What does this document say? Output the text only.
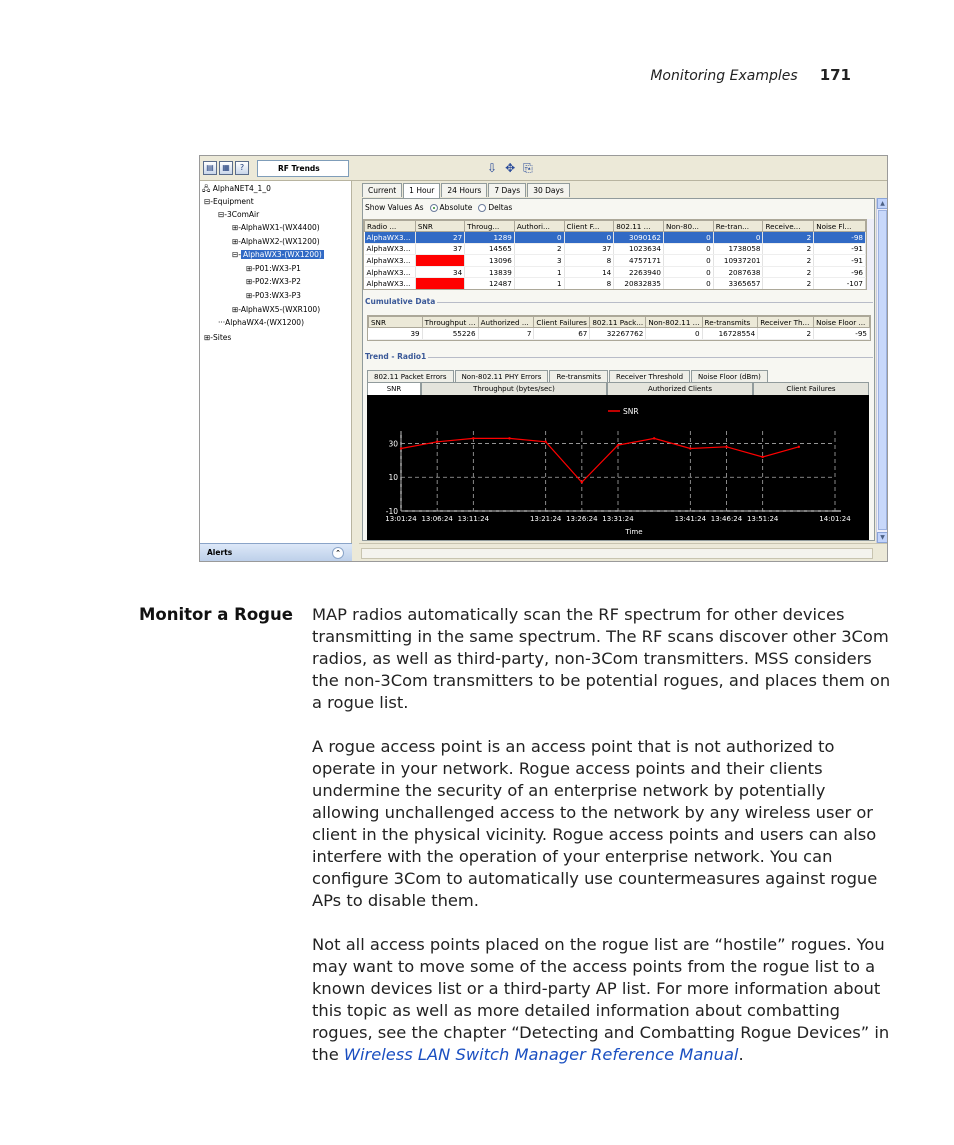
Monitoring Examples 171
▤	▦	?	RF Trends	⇩ ✥ ⎘
🖧 AlphaNET4_1_0
⊟-Equipment
⊟-3ComAir
⊞-AlphaWX1-(WX4400)
⊞-AlphaWX2-(WX1200)
⊟- AlphaWX3-(WX1200)
⊞-P01:WX3-P1
⊞-P02:WX3-P2
⊞-P03:WX3-P3
⊞-AlphaWX5-(WXR100)
···AlphaWX4-(WX1200)
⊞-Sites
Alerts	⌃
Current	1 Hour	24 Hours	7 Days	30 Days
Show Values As	Absolute	Deltas
Radio ...	SNR	Throug...	Authori...	Client F...	802.11 ...	Non-80...	Re-tran...	Receive...	Noise Fl...
AlphaWX3...	27	1289	0	0	3090162	0	0	2	-98
AlphaWX3...	37	14565	2	37	1023634	0	1738058	2	-91
AlphaWX3...	41	13096	3	8	4757171	0	10937201	2	-91
AlphaWX3...	34	13839	1	14	2263940	0	2087638	2	-96
AlphaWX3...	29	12487	1	8	20832835	0	3365657	2	-107
Cumulative Data
SNR	Throughput ...	Authorized ...	Client Failures	802.11 Pack...	Non-802.11 ...	Re-transmits	Receiver Th...	Noise Floor ...
39	55226	7	67	32267762	0	16728554	2	-95
Trend - Radio1
802.11 Packet Errors	Non-802.11 PHY Errors	Re-transmits	Receiver Threshold	Noise Floor (dBm)
SNR	Throughput (bytes/sec)	Authorized Clients	Client Failures
30
10
-10
13:01:24 13:06:24 13:11:24	13:21:24 13:26:24 13:31:24	13:41:24 13:46:24 13:51:24	14:01:24
Time
SNR
▲
▼
Monitor a Rogue MAP radios automatically scan the RF spectrum for other devices transmitting in the same spectrum. The RF scans discover other 3Com radios, as well as third-party, non-3Com transmitters. MSS considers the non-3Com transmitters to be potential rogues, and places them on a rogue list.

A rogue access point is an access point that is not authorized to operate in your network. Rogue access points and their clients undermine the security of an enterprise network by potentially allowing unchallenged access to the network by any wireless user or client in the physical vicinity. Rogue access points and users can also interfere with the operation of your enterprise network. You can configure 3Com to automatically use countermeasures against rogue APs to disable them.

Not all access points placed on the rogue list are “hostile” rogues. You may want to move some of the access points from the rogue list to a known devices list or a third-party AP list. For more information about this topic as well as more detailed information about combatting rogues, see the chapter “Detecting and Combatting Rogue Devices” in the Wireless LAN Switch Manager Reference Manual.
